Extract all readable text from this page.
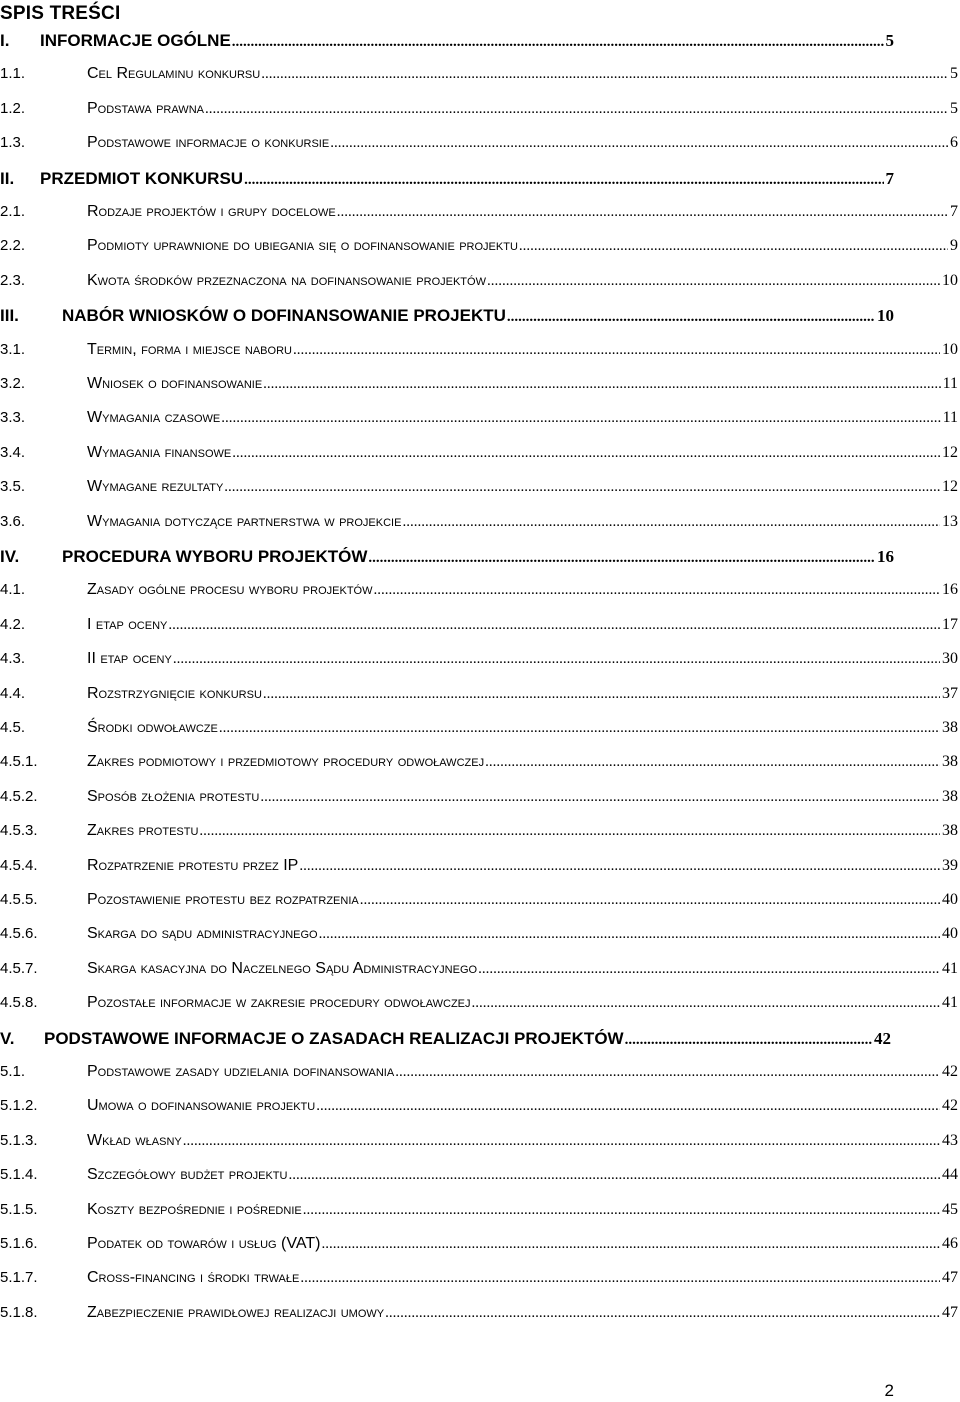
SPIS TREŚCI
I.	INFORMACJE OGÓLNE .....	5
1.1.	Cel Regulaminu konkursu .....	5
1.2.	Podstawa prawna .....	5
1.3.	Podstawowe informacje o konkursie .....	6
II.	PRZEDMIOT KONKURSU .....	7
2.1.	Rodzaje projektów i grupy docelowe .....	7
2.2.	Podmioty uprawnione do ubiegania się o dofinansowanie projektu .....	9
2.3.	Kwota środków przeznaczona na dofinansowanie projektów .....	10
III.	NABÓR WNIOSKÓW O DOFINANSOWANIE PROJEKTU .....	10
3.1.	Termin, forma i miejsce naboru .....	10
3.2.	Wniosek o dofinansowanie .....	11
3.3.	Wymagania czasowe .....	11
3.4.	Wymagania finansowe .....	12
3.5.	Wymagane rezultaty .....	12
3.6.	Wymagania dotyczące partnerstwa w projekcie .....	13
IV.	PROCEDURA WYBORU PROJEKTÓW .....	16
4.1.	Zasady ogólne procesu wyboru projektów .....	16
4.2.	I etap oceny .....	17
4.3.	II etap oceny .....	30
4.4.	Rozstrzygnięcie konkursu .....	37
4.5.	Środki odwoławcze .....	38
4.5.1.	Zakres podmiotowy i przedmiotowy procedury odwoławczej .....	38
4.5.2.	Sposób złożenia protestu .....	38
4.5.3.	Zakres protestu .....	38
4.5.4.	Rozpatrzenie protestu przez IP .....	39
4.5.5.	Pozostawienie protestu bez rozpatrzenia .....	40
4.5.6.	Skarga do sądu administracyjnego .....	40
4.5.7.	Skarga kasacyjna do Naczelnego Sądu Administracyjnego .....	41
4.5.8.	Pozostałe informacje w zakresie procedury odwoławczej .....	41
V.	PODSTAWOWE INFORMACJE O ZASADACH REALIZACJI PROJEKTÓW .....	42
5.1.	Podstawowe zasady udzielania dofinansowania .....	42
5.1.2.	Umowa o dofinansowanie projektu .....	42
5.1.3.	Wkład własny .....	43
5.1.4.	Szczegółowy budżet projektu .....	44
5.1.5.	Koszty bezpośrednie i pośrednie .....	45
5.1.6.	Podatek od towarów i usług (VAT) .....	46
5.1.7.	Cross-financing i środki trwałe .....	47
5.1.8.	Zabezpieczenie prawidłowej realizacji umowy .....	47
2
